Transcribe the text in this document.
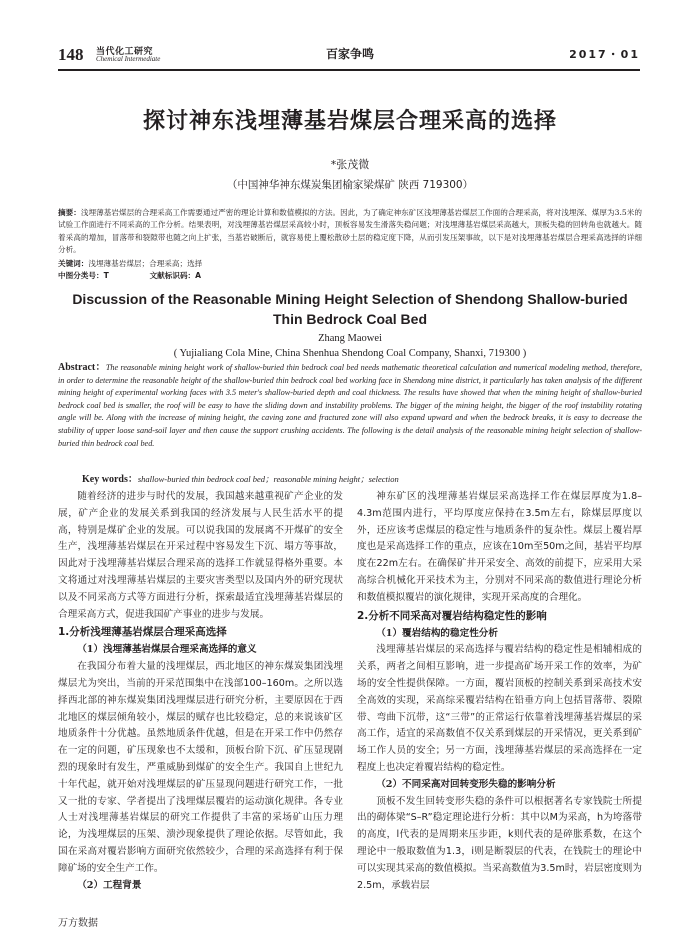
148 当代化工研究
Chemical Intermediate	百家争鸣	2017・01
探讨神东浅埋薄基岩煤层合理采高的选择
*张茂微
（中国神华神东煤炭集团榆家梁煤矿 陕西 719300）
摘要：浅埋薄基岩煤层的合理采高工作需要通过严密的理论计算和数值模拟的方法。因此，为了确定神东矿区浅埋薄基岩煤层工作面的合理采高，将对浅埋深、煤厚为3.5米的试验工作面进行不同采高的工作分析。结果表明，对浅埋薄基岩煤层采高较小时，顶板容易发生滑落失稳问题；对浅埋薄基岩煤层采高越大，顶板失稳的回转角也就越大。随着采高的增加，冒落带和裂隙带也随之向上扩张，当基岩破断后，就容易使上覆松散砂土层的稳定度下降，从而引发压架事故，以下是对浅埋薄基岩煤层合理采高选择的详细分析。
关键词：浅埋薄基岩煤层；合理采高；选择
中图分类号：T	文献标识码：A
Discussion of the Reasonable Mining Height Selection of Shendong Shallow-buried Thin Bedrock Coal Bed
Zhang Maowei
( Yujialiang Cola Mine, China Shenhua Shendong Coal Company, Shanxi, 719300 )
Abstract：The reasonable mining height work of shallow-buried thin bedrock coal bed needs mathematic theoretical calculation and numerical modeling method, therefore, in order to determine the reasonable height of the shallow-buried thin bedrock coal bed working face in Shendong mine district, it particularly has taken analysis of the different mining height of experimental working faces with 3.5 meter's shallow-buried depth and coal thickness. The results have showed that when the mining height of shallow-buried bedrock coal bed is smaller, the roof will be easy to have the sliding down and instability problems. The bigger of the mining height, the bigger of the roof instability rotating angle will be. Along with the increase of mining height, the caving zone and fractured zone will also expand upward and when the bedrock breaks, it is easy to decrease the stability of upper loose sand-soil layer and then cause the support crushing accidents. The following is the detail analysis of the reasonable mining height selection of shallow-buried thin bedrock coal bed.
Key words：shallow-buried thin bedrock coal bed；reasonable mining height；selection

随着经济的进步与时代的发展，我国越来越重视矿产企业的发展，矿产企业的发展关系到我国的经济发展与人民生活水平的提高，特别是煤矿企业的发展。可以说我国的发展离不开煤矿的安全生产，浅埋薄基岩煤层在开采过程中容易发生下沉、塌方等事故，因此对于浅埋薄基岩煤层合理采高的选择工作就显得格外重要。本文将通过对浅埋薄基岩煤层的主要灾害类型以及国内外的研究现状以及不同采高方式等方面进行分析，探索最适宜浅埋薄基岩煤层的合理采高方式，促进我国矿产事业的进步与发展。

1.分析浅埋薄基岩煤层合理采高选择
（1）浅埋薄基岩煤层合理采高选择的意义

在我国分布着大量的浅埋煤层，西北地区的神东煤炭集团浅埋煤层尤为突出，当前的开采范围集中在浅部100–160m。之所以选择西北部的神东煤炭集团浅埋煤层进行研究分析，主要原因在于西北地区的煤层倾角较小，煤层的赋存也比较稳定，总的来说该矿区地质条件十分优越。虽然地质条件优越，但是在开采工作中仍然存在一定的问题，矿压现象也不太缓和，顶板台阶下沉、矿压显现剧烈的现象时有发生，严重威胁到煤矿的安全生产。我国自上世纪九十年代起，就开始对浅埋煤层的矿压显现问题进行研究工作，一批又一批的专家、学者提出了浅埋煤层覆岩的运动演化规律。各专业人士对浅埋薄基岩煤层的研究工作提供了丰富的采场矿山压力理论，为浅埋煤层的压架、溃沙现象提供了理论依据。尽管如此，我国在采高对覆岩影响方面研究依然较少，合理的采高选择有利于保障矿场的安全生产工作。

（2）工程背景

神东矿区的浅埋薄基岩煤层采高选择工作在煤层厚度为1.8–4.3m范围内进行，平均厚度应保持在3.5m左右，除煤层厚度以外，还应该考虑煤层的稳定性与地质条件的复杂性。煤层上覆岩厚度也是采高选择工作的重点，应该在10m至50m之间，基岩平均厚度在22m左右。在确保矿井开采安全、高效的前提下，应采用大采高综合机械化开采技术为主，分别对不同采高的数值进行理论分析和数值模拟覆岩的演化规律，实现开采高度的合理化。

2.分析不同采高对覆岩结构稳定性的影响
（1）覆岩结构的稳定性分析

浅埋薄基岩煤层的采高选择与覆岩结构的稳定性是相辅相成的关系，两者之间相互影响，进一步提高矿场开采工作的效率，为矿场的安全性提供保障。一方面，覆岩顶板的控制关系到采高技术安全高效的实现，采高综采覆岩结构在铅垂方向上包括冒落带、裂隙带、弯曲下沉带，这“三带”的正常运行依靠着浅埋薄基岩煤层的采高工作，适宜的采高数值不仅关系到煤层的开采情况，更关系到矿场工作人员的安全；另一方面，浅埋薄基岩煤层的采高选择在一定程度上也决定着覆岩结构的稳定性。

（2）不同采高对回转变形失稳的影响分析

顶板不发生回转变形失稳的条件可以根据著名专家钱院士所提出的砌体梁“S–R”稳定理论进行分析：其中以M为采高，h为垮落带的高度，l代表的是周期来压步距，k则代表的是碎胀系数，在这个理论中一般取数值为1.3，i则是断裂层的代表，在钱院士的理论中可以实现其采高的数值模拟。当采高数值为3.5m时，岩层密度则为2.5m，承载岩层

万方数据
